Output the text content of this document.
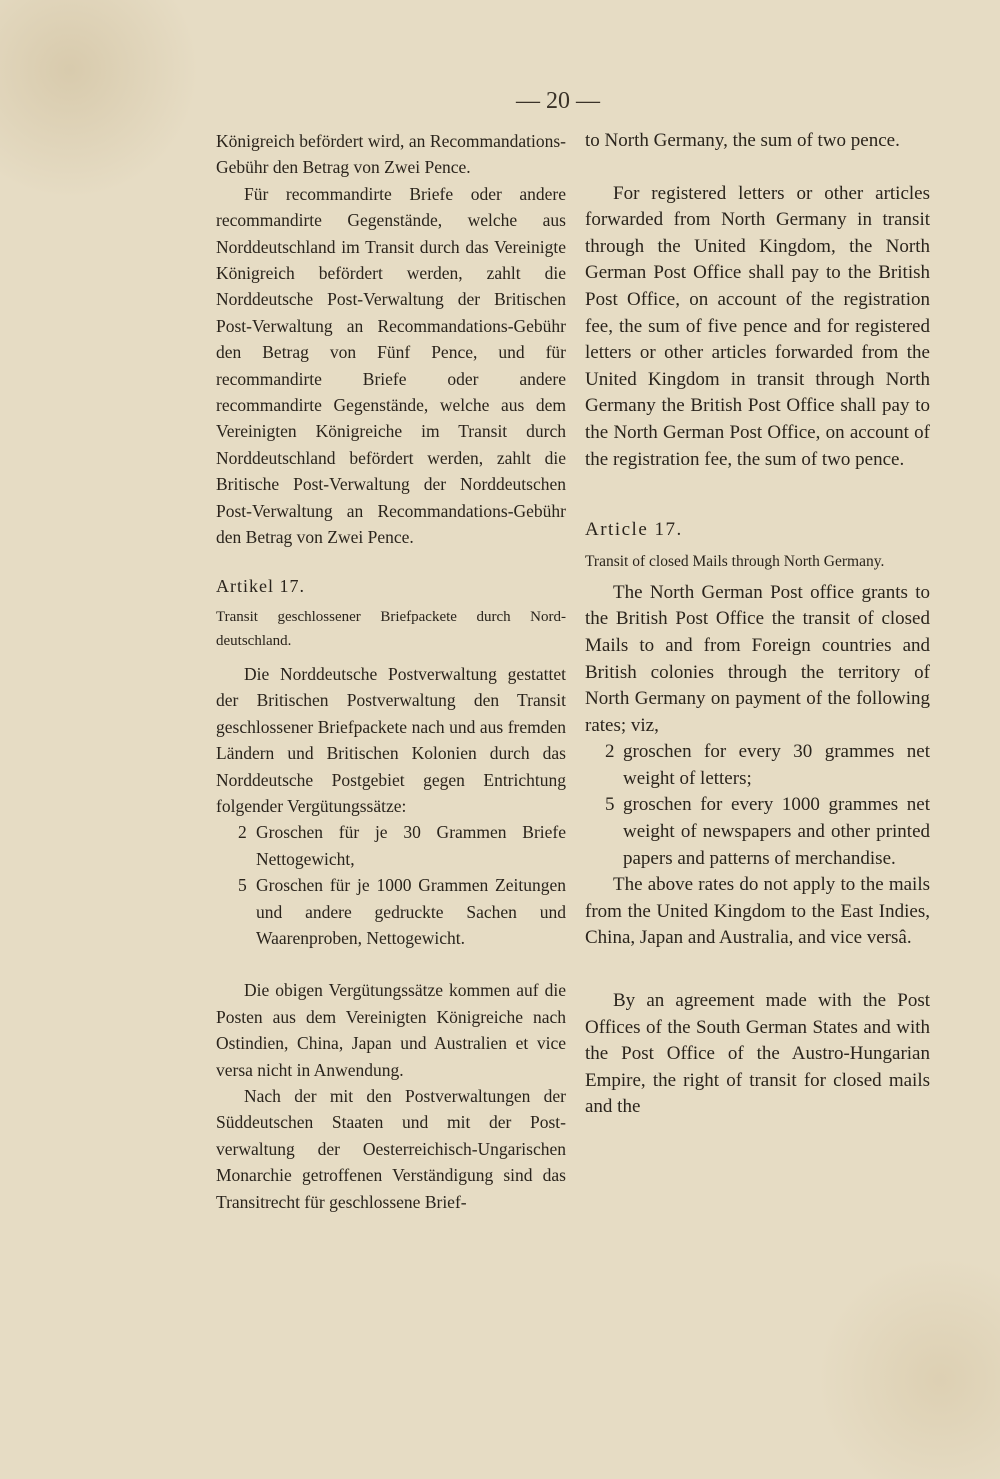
— 20 —

Königreich befördert wird, an Recommandations-Gebühr den Betrag von Zwei Pence.

Für recommandirte Briefe oder andere recommandirte Gegenstände, welche aus Norddeutschland im Transit durch das Vereinigte Königreich befördert werden, zahlt die Norddeutsche Post-Verwaltung der Britischen Post-Verwaltung an Recommandations-Gebühr den Betrag von Fünf Pence, und für recommandirte Briefe oder andere recommandirte Gegenstände, welche aus dem Vereinigten Königreiche im Transit durch Norddeutschland befördert werden, zahlt die Britische Post-Verwaltung der Norddeutschen Post-Verwaltung an Recommandations-Gebühr den Betrag von Zwei Pence.

Artikel 17.

Transit geschlossener Briefpackete durch Norddeutschland.

Die Norddeutsche Postverwaltung gestattet der Britischen Postverwaltung den Transit geschlossener Briefpackete nach und aus fremden Ländern und Britischen Kolonien durch das Norddeutsche Postgebiet gegen Entrichtung folgender Vergütungssätze:

2 Groschen für je 30 Grammen Briefe Nettogewicht,

5 Groschen für je 1000 Grammen Zeitungen und andere gedruckte Sachen und Waarenproben, Nettogewicht.

Die obigen Vergütungssätze kommen auf die Posten aus dem Vereinigten Königreiche nach Ostindien, China, Japan und Australien et vice versa nicht in Anwendung.

Nach der mit den Postverwaltungen der Süddeutschen Staaten und mit der Postverwaltung der Oesterreichisch-Ungarischen Monarchie getroffenen Verständigung sind das Transitrecht für geschlossene Brief-

to North Germany, the sum of two pence.

For registered letters or other articles forwarded from North Germany in transit through the United Kingdom, the North German Post Office shall pay to the British Post Office, on account of the registration fee, the sum of five pence and for registered letters or other articles forwarded from the United Kingdom in transit through North Germany the British Post Office shall pay to the North German Post Office, on account of the registration fee, the sum of two pence.

Article 17.

Transit of closed Mails through North Germany.

The North German Post office grants to the British Post Office the transit of closed Mails to and from Foreign countries and British colonies through the territory of North Germany on payment of the following rates; viz,

2 groschen for every 30 grammes net weight of letters;

5 groschen for every 1000 grammes net weight of newspapers and other printed papers and patterns of merchandise.

The above rates do not apply to the mails from the United Kingdom to the East Indies, China, Japan and Australia, and vice versâ.

By an agreement made with the Post Offices of the South German States and with the Post Office of the Austro-Hungarian Empire, the right of transit for closed mails and the
